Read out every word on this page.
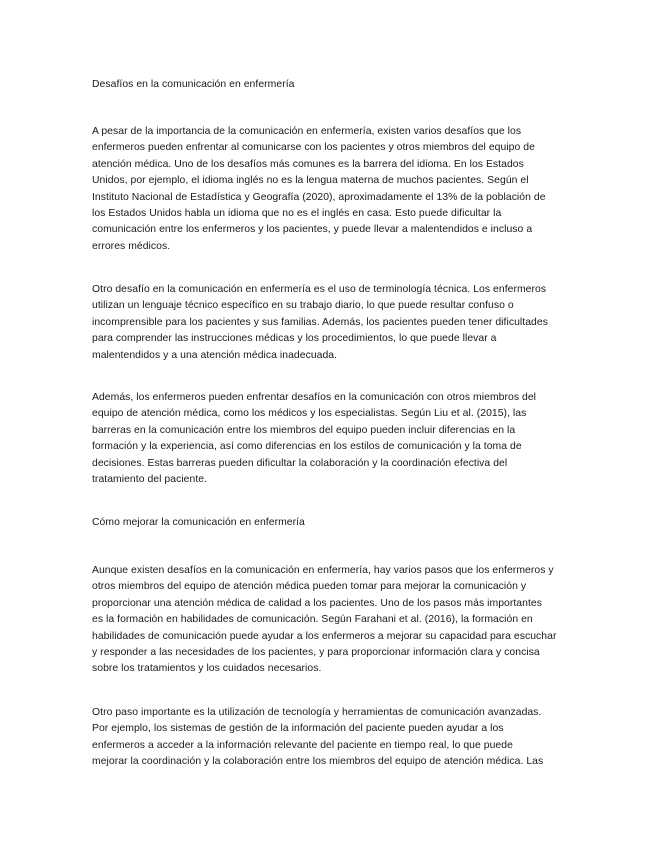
Desafíos en la comunicación en enfermería
A pesar de la importancia de la comunicación en enfermería, existen varios desafíos que los
enfermeros pueden enfrentar al comunicarse con los pacientes y otros miembros del equipo de
atención médica. Uno de los desafíos más comunes es la barrera del idioma. En los Estados
Unidos, por ejemplo, el idioma inglés no es la lengua materna de muchos pacientes. Según el
Instituto Nacional de Estadística y Geografía (2020), aproximadamente el 13% de la población de
los Estados Unidos habla un idioma que no es el inglés en casa. Esto puede dificultar la
comunicación entre los enfermeros y los pacientes, y puede llevar a malentendidos e incluso a
errores médicos.
Otro desafío en la comunicación en enfermería es el uso de terminología técnica. Los enfermeros
utilizan un lenguaje técnico específico en su trabajo diario, lo que puede resultar confuso o
incomprensible para los pacientes y sus familias. Además, los pacientes pueden tener dificultades
para comprender las instrucciones médicas y los procedimientos, lo que puede llevar a
malentendidos y a una atención médica inadecuada.
Además, los enfermeros pueden enfrentar desafíos en la comunicación con otros miembros del
equipo de atención médica, como los médicos y los especialistas. Según Liu et al. (2015), las
barreras en la comunicación entre los miembros del equipo pueden incluir diferencias en la
formación y la experiencia, así como diferencias en los estilos de comunicación y la toma de
decisiones. Estas barreras pueden dificultar la colaboración y la coordinación efectiva del
tratamiento del paciente.
Cómo mejorar la comunicación en enfermería
Aunque existen desafíos en la comunicación en enfermería, hay varios pasos que los enfermeros y
otros miembros del equipo de atención médica pueden tomar para mejorar la comunicación y
proporcionar una atención médica de calidad a los pacientes. Uno de los pasos más importantes
es la formación en habilidades de comunicación. Según Farahani et al. (2016), la formación en
habilidades de comunicación puede ayudar a los enfermeros a mejorar su capacidad para escuchar
y responder a las necesidades de los pacientes, y para proporcionar información clara y concisa
sobre los tratamientos y los cuidados necesarios.
Otro paso importante es la utilización de tecnología y herramientas de comunicación avanzadas.
Por ejemplo, los sistemas de gestión de la información del paciente pueden ayudar a los
enfermeros a acceder a la información relevante del paciente en tiempo real, lo que puede
mejorar la coordinación y la colaboración entre los miembros del equipo de atención médica. Las
